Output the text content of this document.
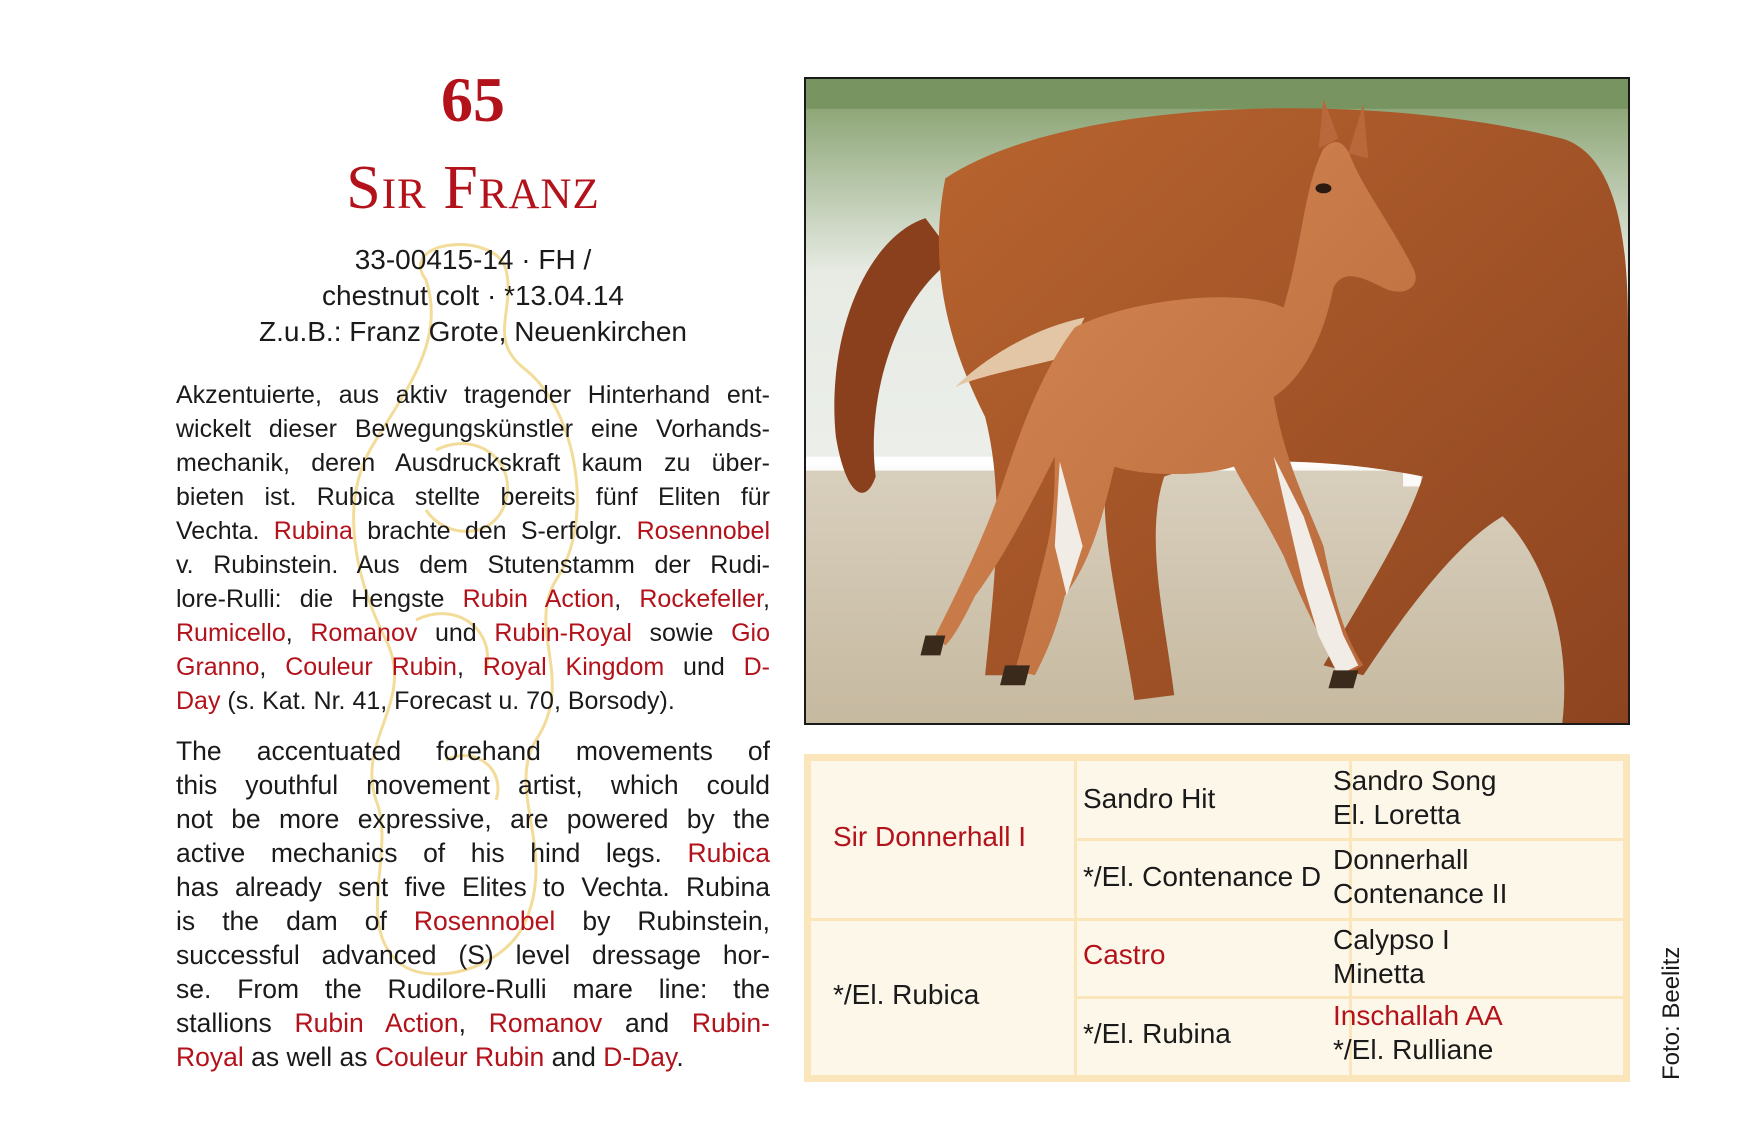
65
Sir Franz
33-00415-14 · FH /
chestnut colt · *13.04.14
Z.u.B.: Franz Grote, Neuenkirchen
Akzentuierte, aus aktiv tragender Hinterhand ent-
wickelt dieser Bewegungskünstler eine Vorhands-
mechanik, deren Ausdruckskraft kaum zu über-
bieten ist. Rubica stellte bereits fünf Eliten für
Vechta. Rubina brachte den S-erfolgr. Rosennobel
v. Rubinstein. Aus dem Stutenstamm der Rudi-
lore-Rulli: die Hengste Rubin Action, Rockefeller,
Rumicello, Romanov und Rubin-Royal sowie Gio
Granno, Couleur Rubin, Royal Kingdom und D-
Day (s. Kat. Nr. 41, Forecast u. 70, Borsody).
The accentuated forehand movements of
this youthful movement artist, which could
not be more expressive, are powered by the
active mechanics of his hind legs. Rubica
has already sent five Elites to Vechta. Rubina
is the dam of Rosennobel by Rubinstein,
successful advanced (S) level dressage hor-
se. From the Rudilore-Rulli mare line: the
stallions Rubin Action, Romanov and Rubin-
Royal as well as Couleur Rubin and D-Day.
Sir Donnerhall I
*/El. Rubica
Sandro Hit
*/El. Contenance D
Castro
*/El. Rubina
Sandro Song
El. Loretta
Donnerhall
Contenance II
Calypso I
Minetta
Inschallah AA
*/El. Rulliane	Foto: Beelitz
